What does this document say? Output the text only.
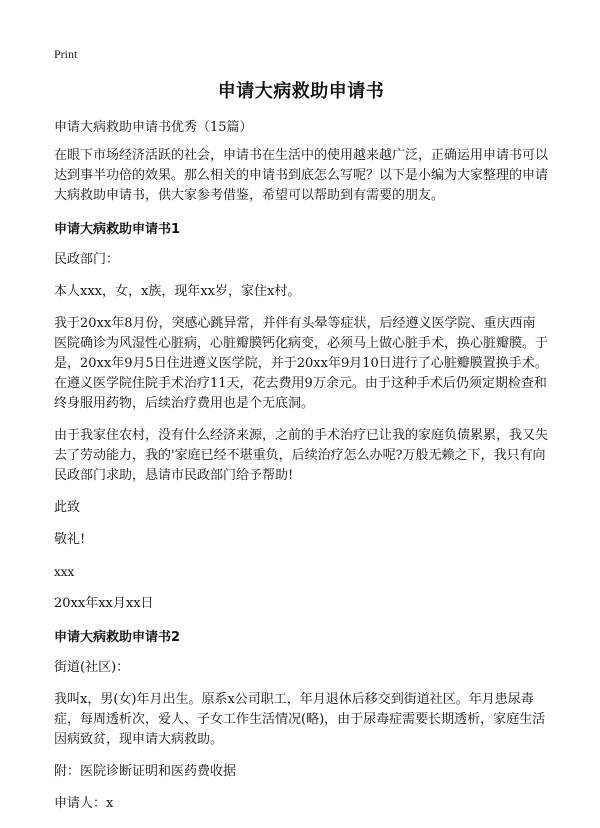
Print
申请大病救助申请书

申请大病救助申请书优秀（15篇）

在眼下市场经济活跃的社会，申请书在生活中的使用越来越广泛，正确运用申请书可以达到事半功倍的效果。那么相关的申请书到底怎么写呢？以下是小编为大家整理的申请大病救助申请书，供大家参考借鉴，希望可以帮助到有需要的朋友。

申请大病救助申请书1

民政部门：

本人xxx，女，x族，现年xx岁，家住x村。

我于20xx年8月份，突感心跳异常，并伴有头晕等症状，后经遵义医学院、重庆西南医院确诊为风湿性心脏病，心脏瓣膜钙化病变，必须马上做心脏手术，换心脏瓣膜。于是，20xx年9月5日住进遵义医学院，并于20xx年9月10日进行了心脏瓣膜置换手术。在遵义医学院住院手术治疗11天，花去费用9万余元。由于这种手术后仍须定期检查和终身服用药物，后续治疗费用也是个无底洞。

由于我家住农村，没有什么经济来源，之前的手术治疗已让我的家庭负债累累，我又失去了劳动能力，我的'家庭已经不堪重负，后续治疗怎么办呢?万般无赖之下，我只有向民政部门求助，恳请市民政部门给予帮助!

此致

敬礼!

xxx

20xx年xx月xx日

申请大病救助申请书2

街道(社区)：

我叫x，男(女)年月出生。原系x公司职工，年月退休后移交到街道社区。年月患尿毒症，每周透析次，爱人、子女工作生活情况(略)，由于尿毒症需要长期透析，家庭生活因病致贫，现申请大病救助。

附：医院诊断证明和医药费收据

申请人：x
